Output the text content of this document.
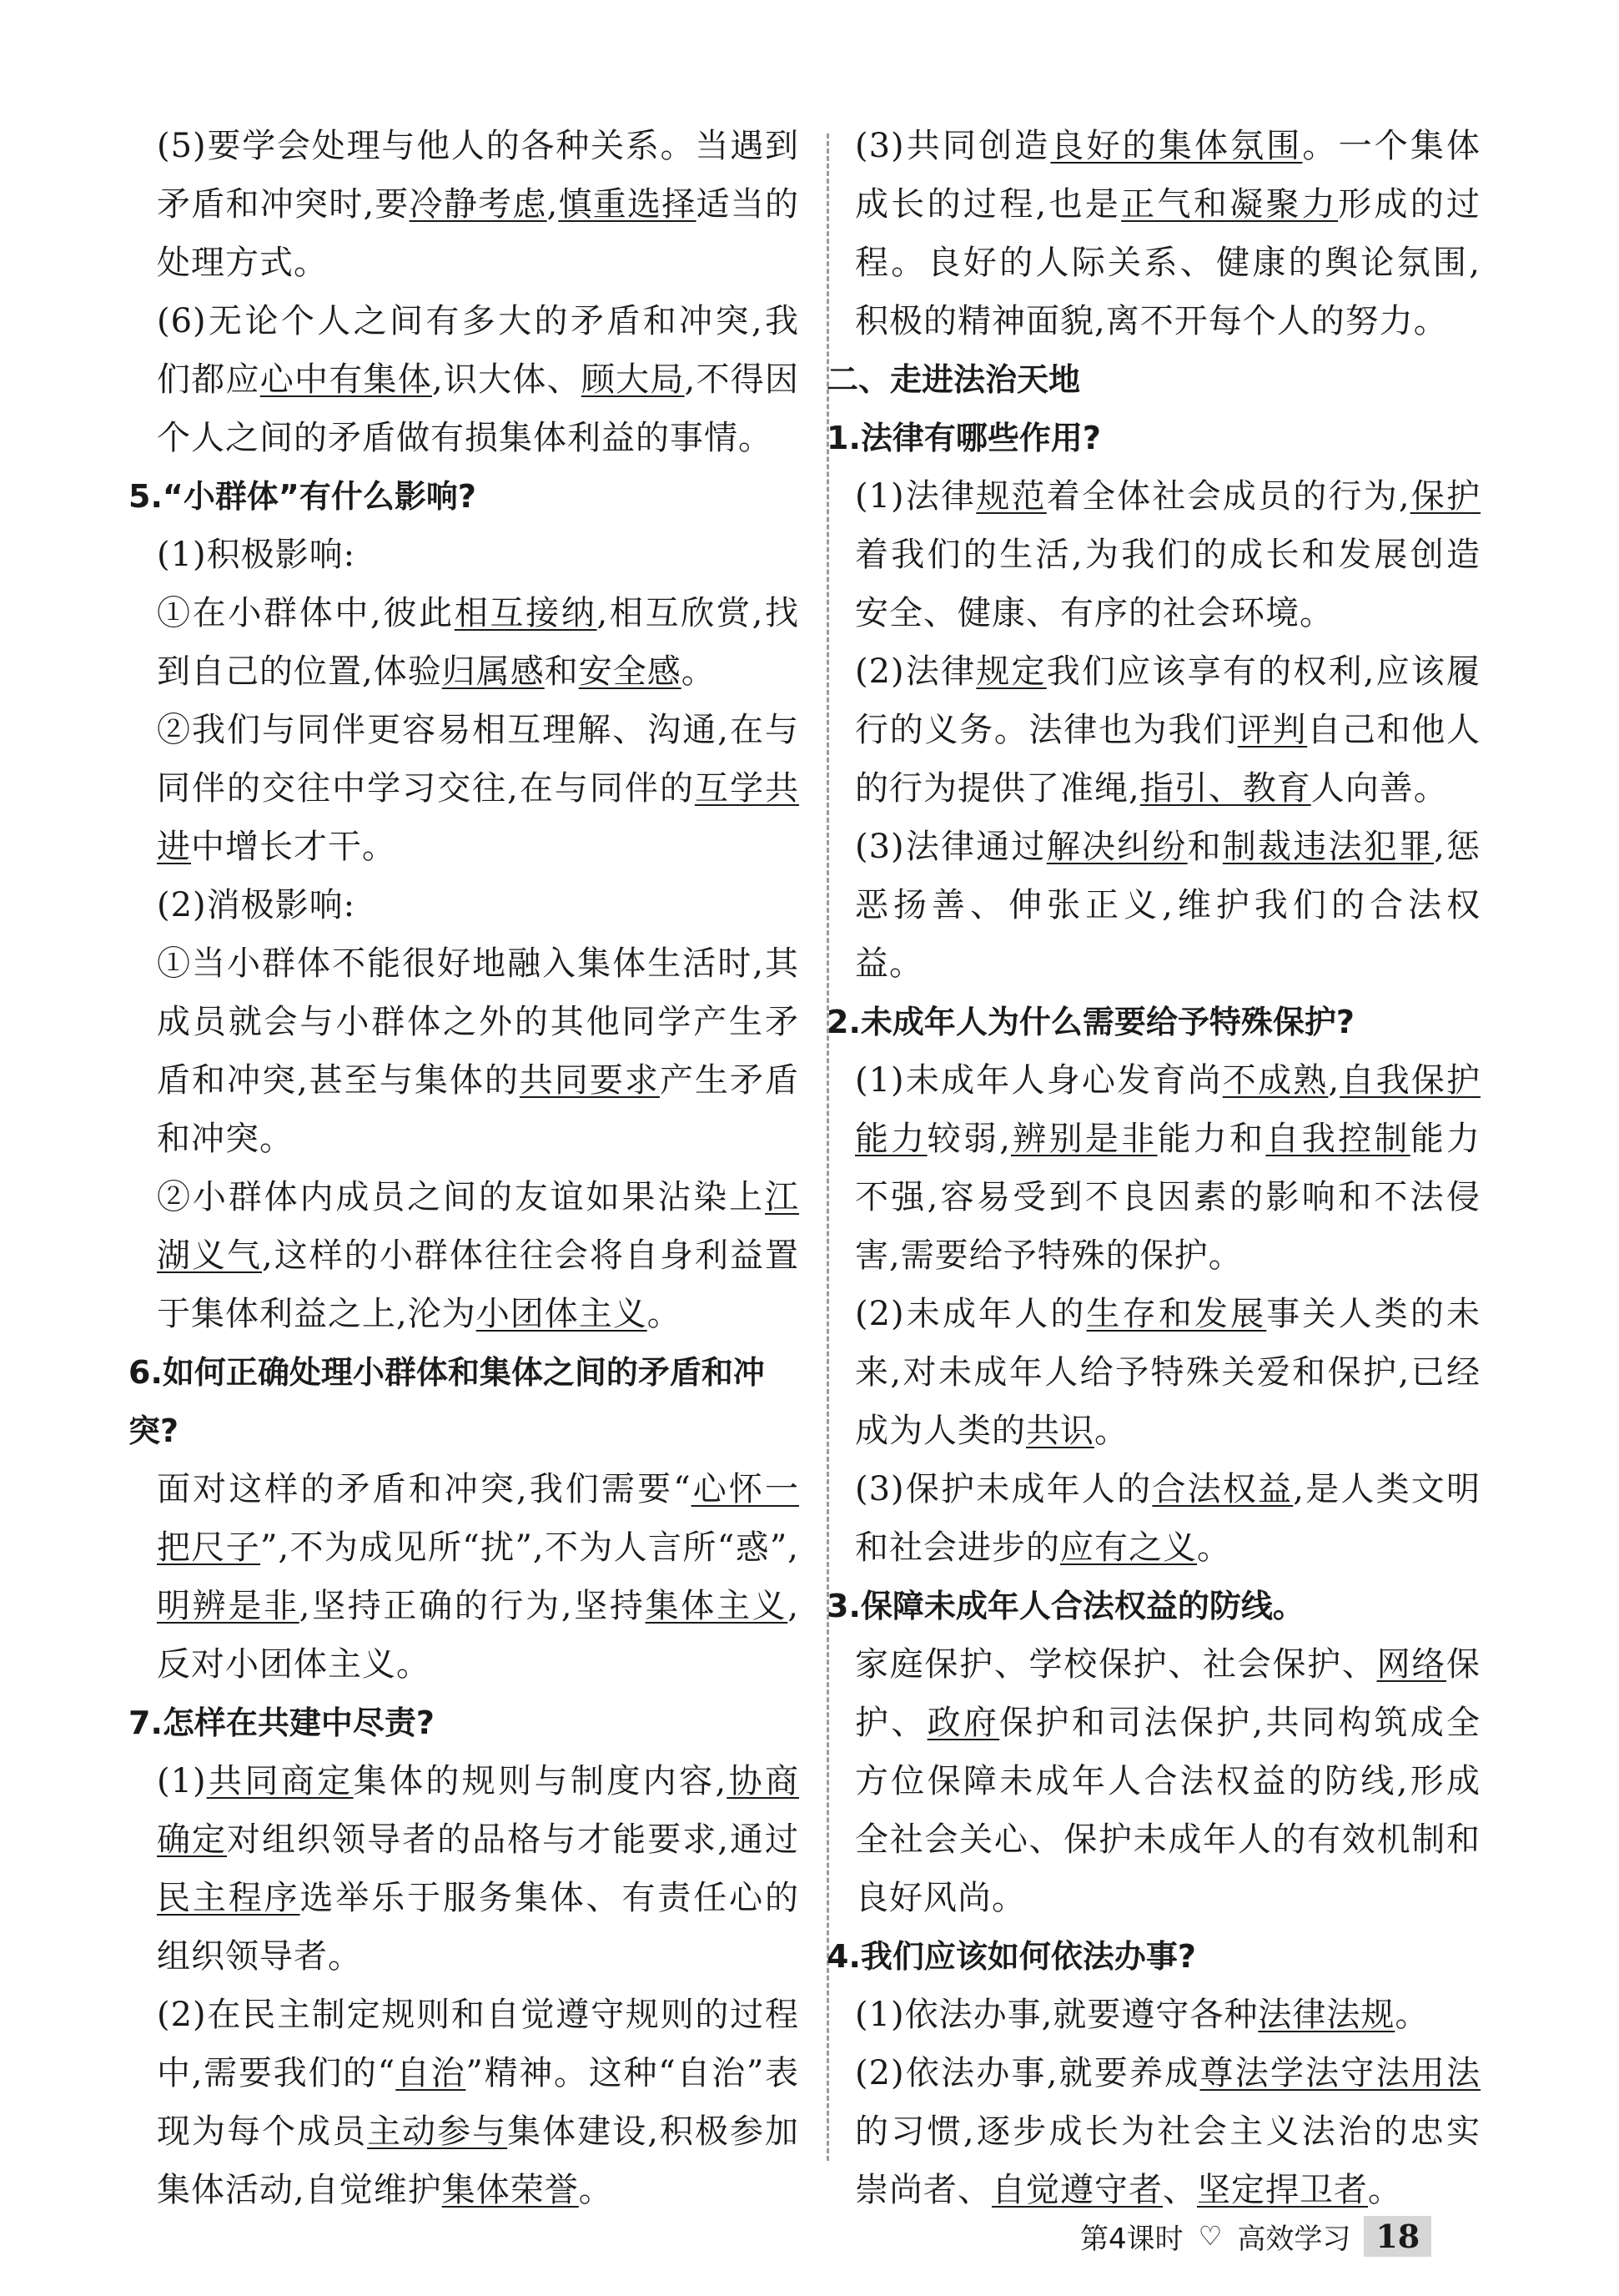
(5)要学会处理与他人的各种关系。当遇到矛盾和冲突时,要冷静考虑,慎重选择适当的处理方式。

(6)无论个人之间有多大的矛盾和冲突,我们都应心中有集体,识大体、顾大局,不得因个人之间的矛盾做有损集体利益的事情。

5.“小群体”有什么影响?

(1)积极影响:

①在小群体中,彼此相互接纳,相互欣赏,找到自己的位置,体验归属感和安全感。

②我们与同伴更容易相互理解、沟通,在与同伴的交往中学习交往,在与同伴的互学共进中增长才干。

(2)消极影响:

①当小群体不能很好地融入集体生活时,其成员就会与小群体之外的其他同学产生矛盾和冲突,甚至与集体的共同要求产生矛盾和冲突。

②小群体内成员之间的友谊如果沾染上江湖义气,这样的小群体往往会将自身利益置于集体利益之上,沦为小团体主义。

6.如何正确处理小群体和集体之间的矛盾和冲突?

面对这样的矛盾和冲突,我们需要“心怀一把尺子”,不为成见所“扰”,不为人言所“惑”,明辨是非,坚持正确的行为,坚持集体主义,反对小团体主义。

7.怎样在共建中尽责?

(1)共同商定集体的规则与制度内容,协商确定对组织领导者的品格与才能要求,通过民主程序选举乐于服务集体、有责任心的组织领导者。

(2)在民主制定规则和自觉遵守规则的过程中,需要我们的“自治”精神。这种“自治”表现为每个成员主动参与集体建设,积极参加集体活动,自觉维护集体荣誉。

(3)共同创造良好的集体氛围。一个集体成长的过程,也是正气和凝聚力形成的过程。良好的人际关系、健康的舆论氛围,积极的精神面貌,离不开每个人的努力。

二、走进法治天地

1.法律有哪些作用?

(1)法律规范着全体社会成员的行为,保护着我们的生活,为我们的成长和发展创造安全、健康、有序的社会环境。

(2)法律规定我们应该享有的权利,应该履行的义务。法律也为我们评判自己和他人的行为提供了准绳,指引、教育人向善。

(3)法律通过解决纠纷和制裁违法犯罪,惩恶扬善、伸张正义,维护我们的合法权益。

2.未成年人为什么需要给予特殊保护?

(1)未成年人身心发育尚不成熟,自我保护能力较弱,辨别是非能力和自我控制能力不强,容易受到不良因素的影响和不法侵害,需要给予特殊的保护。

(2)未成年人的生存和发展事关人类的未来,对未成年人给予特殊关爱和保护,已经成为人类的共识。

(3)保护未成年人的合法权益,是人类文明和社会进步的应有之义。

3.保障未成年人合法权益的防线。

家庭保护、学校保护、社会保护、网络保护、政府保护和司法保护,共同构筑成全方位保障未成年人合法权益的防线,形成全社会关心、保护未成年人的有效机制和良好风尚。

4.我们应该如何依法办事?

(1)依法办事,就要遵守各种法律法规。

(2)依法办事,就要养成尊法学法守法用法的习惯,逐步成长为社会主义法治的忠实崇尚者、自觉遵守者、坚定捍卫者。

第4课时 ♡ 高效学习 18
